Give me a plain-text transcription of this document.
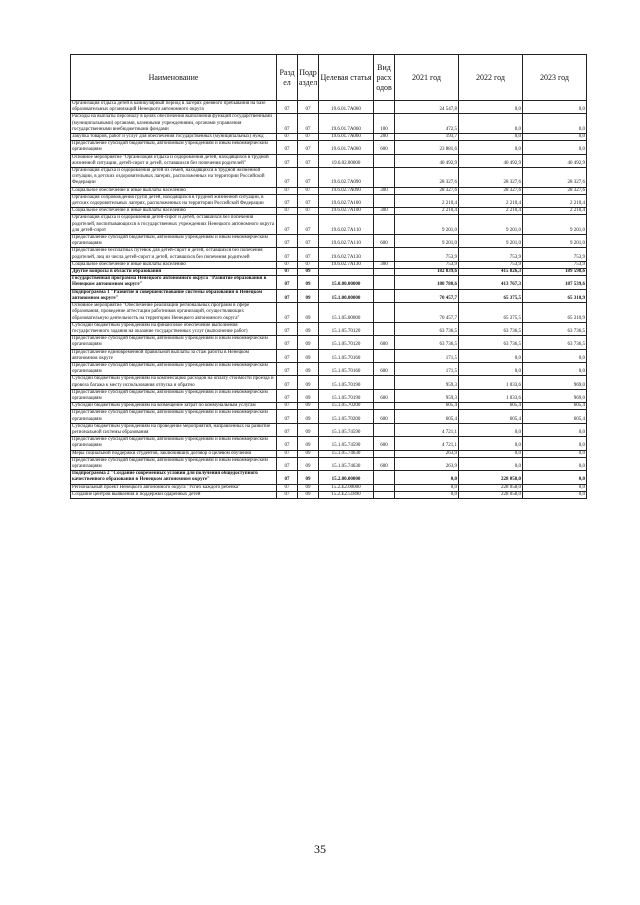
Наименование	Разд ел	Подр аздел	Целевая статья	Вид расх одов	2021 год	2022 год	2023 год
Организация отдыха детей в каникулярный период в лагерях дневного пребывания на базе образовательных организаций Ненецкого автономного округа	07	07	19.6.01.7А060		24 547,8	0,0	0,0
Расходы на выплаты персоналу в целях обеспечения выполнения функций государственными (муниципальными) органами, казенными учреждениями, органами управления государственными внебюджетными фондами	07	07	19.6.01.7А060	100	472,5	0,0	0,0
Закупка товаров, работ и услуг для обеспечения государственных (муниципальных) нужд	07	07	19.6.01.7А060	200	193,7	0,0	0,0
Предоставление субсидий бюджетным, автономным учреждениям и иным некоммерческим организациям	07	07	19.6.01.7А060	600	23 881,6	0,0	0,0
Основное мероприятие "Организация отдыха и оздоровления детей, находящихся в трудной жизненной ситуации, детей-сирот и детей, оставшихся без попечения родителей"	07	07	19.6.02.00000		40 492,9	40 492,9	40 492,9
Организация отдыха и оздоровления детей из семей, находящихся в трудной жизненной ситуации, в детских оздоровительных лагерях, расположенных на территории Российской Федерации	07	07	19.6.02.7А090		28 327,6	28 327,6	28 327,6
Социальное обеспечение и иные выплаты населению	07	07	19.6.02.7А090	300	28 327,6	28 327,6	28 327,6
Организация сопровождения групп детей, находящихся в трудной жизненной ситуации, в детских оздоровительных лагерях, расположенных на территории Российской Федерации	07	07	19.6.02.7А100		2 210,4	2 210,4	2 210,4
Социальное обеспечение и иные выплаты населению	07	07	19.6.02.7А100	300	2 210,4	2 210,4	2 210,4
Организация отдыха и оздоровления детей-сирот и детей, оставшихся без попечения родителей, воспитывающихся в государственных учреждениях Ненецкого автономного округа для детей-сирот	07	07	19.6.02.7А110		9 201,0	9 201,0	9 201,0
Предоставление субсидий бюджетным, автономным учреждениям и иным некоммерческим организациям	07	07	19.6.02.7А110	600	9 201,0	9 201,0	9 201,0
Предоставление бесплатных путевок для детей-сирот и детей, оставшихся без попечения родителей, лиц из числа детей-сирот и детей, оставшихся без попечения родителей	07	07	19.6.02.7А130		753,9	753,9	753,9
Социальное обеспечение и иные выплаты населению	07	07	19.6.02.7А130	300	753,9	753,9	753,9
Другие вопросы в области образования	07	09			182 839,6	415 826,3	189 598,6
Государственная программа Ненецкого автономного округа "Развитие образования в Ненецком автономном округе"	07	09	15.0.00.00000		180 780,6	413 767,3	187 539,6
Подпрограмма 1 "Развитие и совершенствование системы образования в Ненецком автономном округе"	07	09	15.1.00.00000		70 457,7	65 375,5	65 310,9
Основное мероприятие "Обеспечение реализации региональных программ в сфере образования, проведение аттестации работников организаций, осуществляющих образовательную деятельность на территории Ненецкого автономного округа"	07	09	15.1.05.00000		70 457,7	65 375,5	65 310,9
Субсидии бюджетным учреждениям на финансовое обеспечение выполнения государственного задания на оказание государственных услуг (выполнение работ)	07	09	15.1.05.70120		63 736,5	63 736,5	63 736,5
Предоставление субсидий бюджетным, автономным учреждениям и иным некоммерческим организациям	07	09	15.1.05.70120	600	63 736,5	63 736,5	63 736,5
Предоставление единовременной правильной выплаты за стаж работы в Ненецком автономном округе	07	09	15.1.05.70160		171,5	0,0	0,0
Предоставление субсидий бюджетным, автономным учреждениям и иным некоммерческим организациям	07	09	15.1.05.70160	600	171,5	0,0	0,0
Субсидии бюджетным учреждениям на компенсацию расходов на оплату стоимости проезда и провоза багажа к месту использования отпуска и обратно	07	09	15.1.05.70190		959,3	1 033,6	969,0
Предоставление субсидий бюджетным, автономным учреждениям и иным некоммерческим организациям	07	09	15.1.05.70190	600	959,3	1 033,6	969,0
Субсидии бюджетным учреждениям на возмещение затрат по коммунальным услугам	07	09	15.1.05.70200		605,4	605,4	605,4
Предоставление субсидий бюджетным, автономным учреждениям и иным некоммерческим организациям	07	09	15.1.05.70200	600	605,4	605,4	605,4
Субсидии бюджетным учреждениям на проведение мероприятий, направленных на развитие региональной системы образования	07	09	15.1.05.74590		4 721,1	0,0	0,0
Предоставление субсидий бюджетным, автономным учреждениям и иным некоммерческим организациям	07	09	15.1.05.74590	600	4 721,1	0,0	0,0
Меры социальной поддержки студентов, заключивших договор о целевом обучении	07	09	15.1.05.74630		263,9	0,0	0,0
Предоставление субсидий бюджетным, автономным учреждениям и иным некоммерческим организациям	07	09	15.1.05.74630	600	263,9	0,0	0,0
Подпрограмма 2 "Создание современных условий для получения общедоступного качественного образования в Ненецком автономном округе"	07	09	15.2.00.00000		0,0	228 058,0	0,0
Региональный проект Ненецкого автономного округа "Успех каждого ребенка"	07	09	15.2.Е2.00000		0,0	228 058,0	0,0
Создание центров выявления и поддержки одарённых детей	07	09	15.2.Е2.51890		0,0	228 058,0	0,0
35
